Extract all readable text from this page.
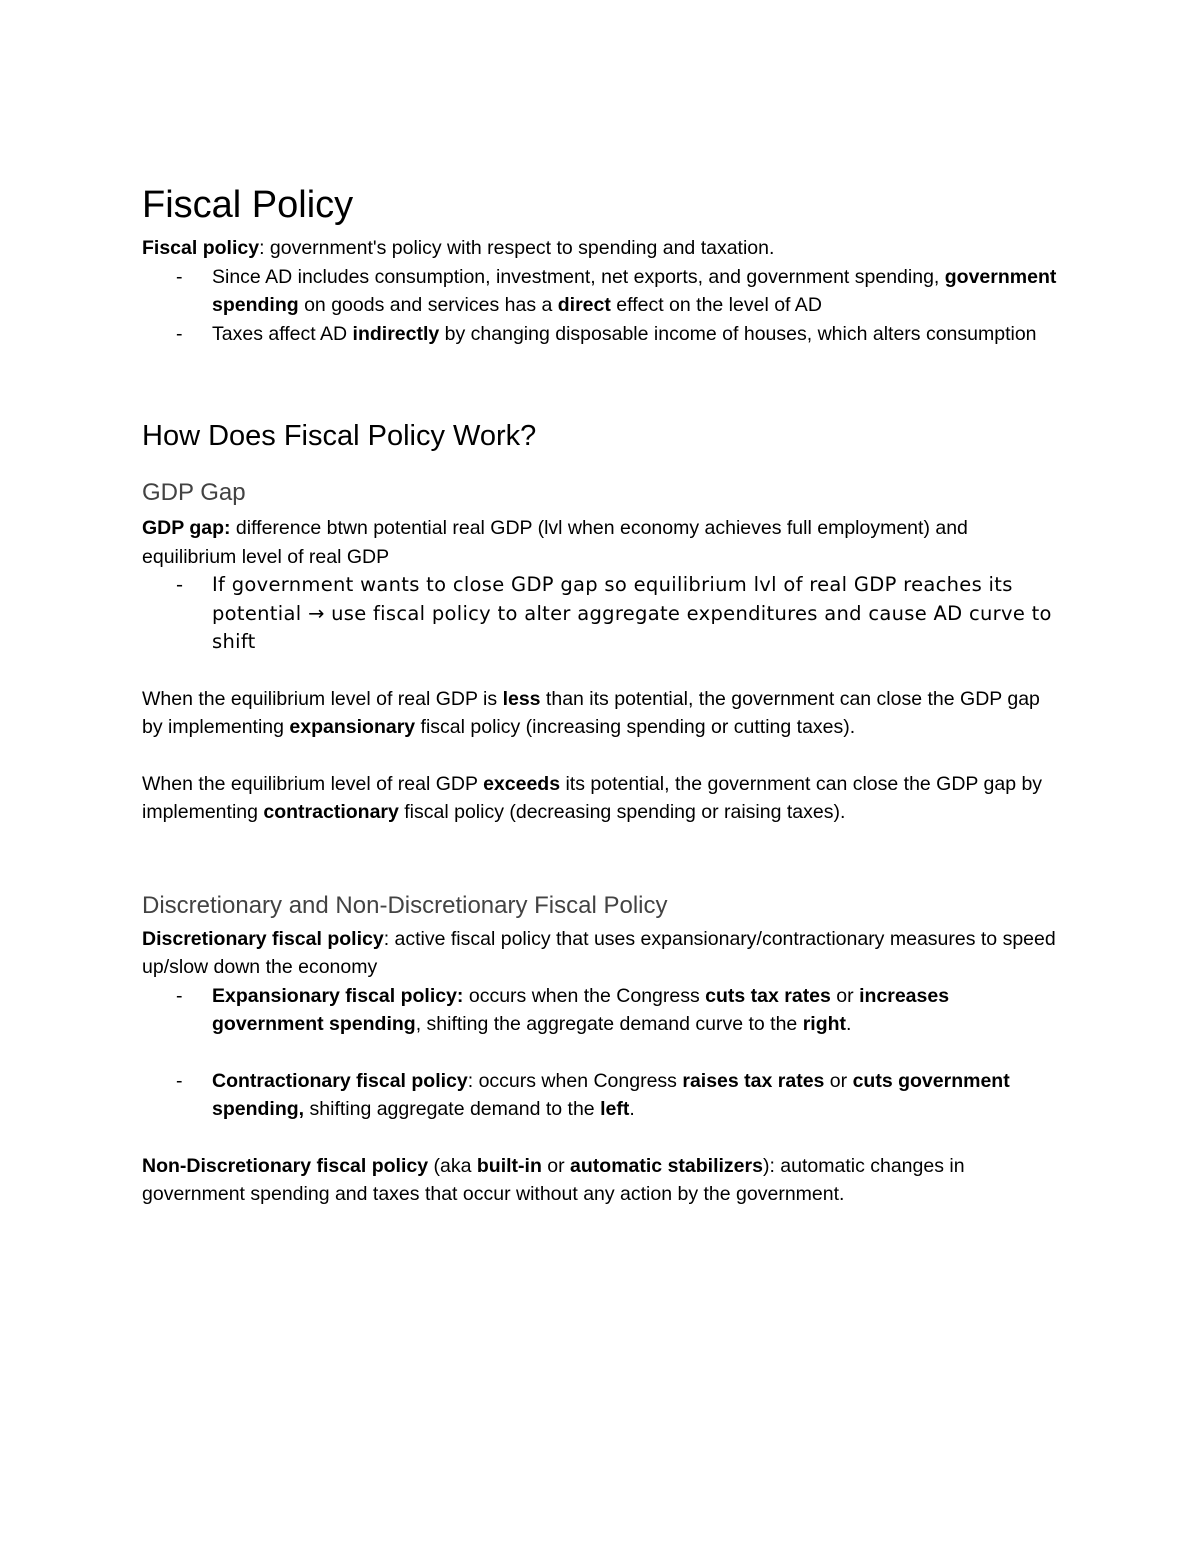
Fiscal Policy

Fiscal policy: government's policy with respect to spending and taxation.

- Since AD includes consumption, investment, net exports, and government spending, government spending on goods and services has a direct effect on the level of AD
- Taxes affect AD indirectly by changing disposable income of houses, which alters consumption
How Does Fiscal Policy Work?
GDP Gap

GDP gap: difference btwn potential real GDP (lvl when economy achieves full employment) and equilibrium level of real GDP

- If government wants to close GDP gap so equilibrium lvl of real GDP reaches its potential → use fiscal policy to alter aggregate expenditures and cause AD curve to shift

When the equilibrium level of real GDP is less than its potential, the government can close the GDP gap by implementing expansionary fiscal policy (increasing spending or cutting taxes).

When the equilibrium level of real GDP exceeds its potential, the government can close the GDP gap by implementing contractionary fiscal policy (decreasing spending or raising taxes).

Discretionary and Non-Discretionary Fiscal Policy

Discretionary fiscal policy: active fiscal policy that uses expansionary/contractionary measures to speed up/slow down the economy

- Expansionary fiscal policy: occurs when the Congress cuts tax rates or increases government spending, shifting the aggregate demand curve to the right.
- Contractionary fiscal policy: occurs when Congress raises tax rates or cuts government spending, shifting aggregate demand to the left.

Non-Discretionary fiscal policy (aka built-in or automatic stabilizers): automatic changes in government spending and taxes that occur without any action by the government.
